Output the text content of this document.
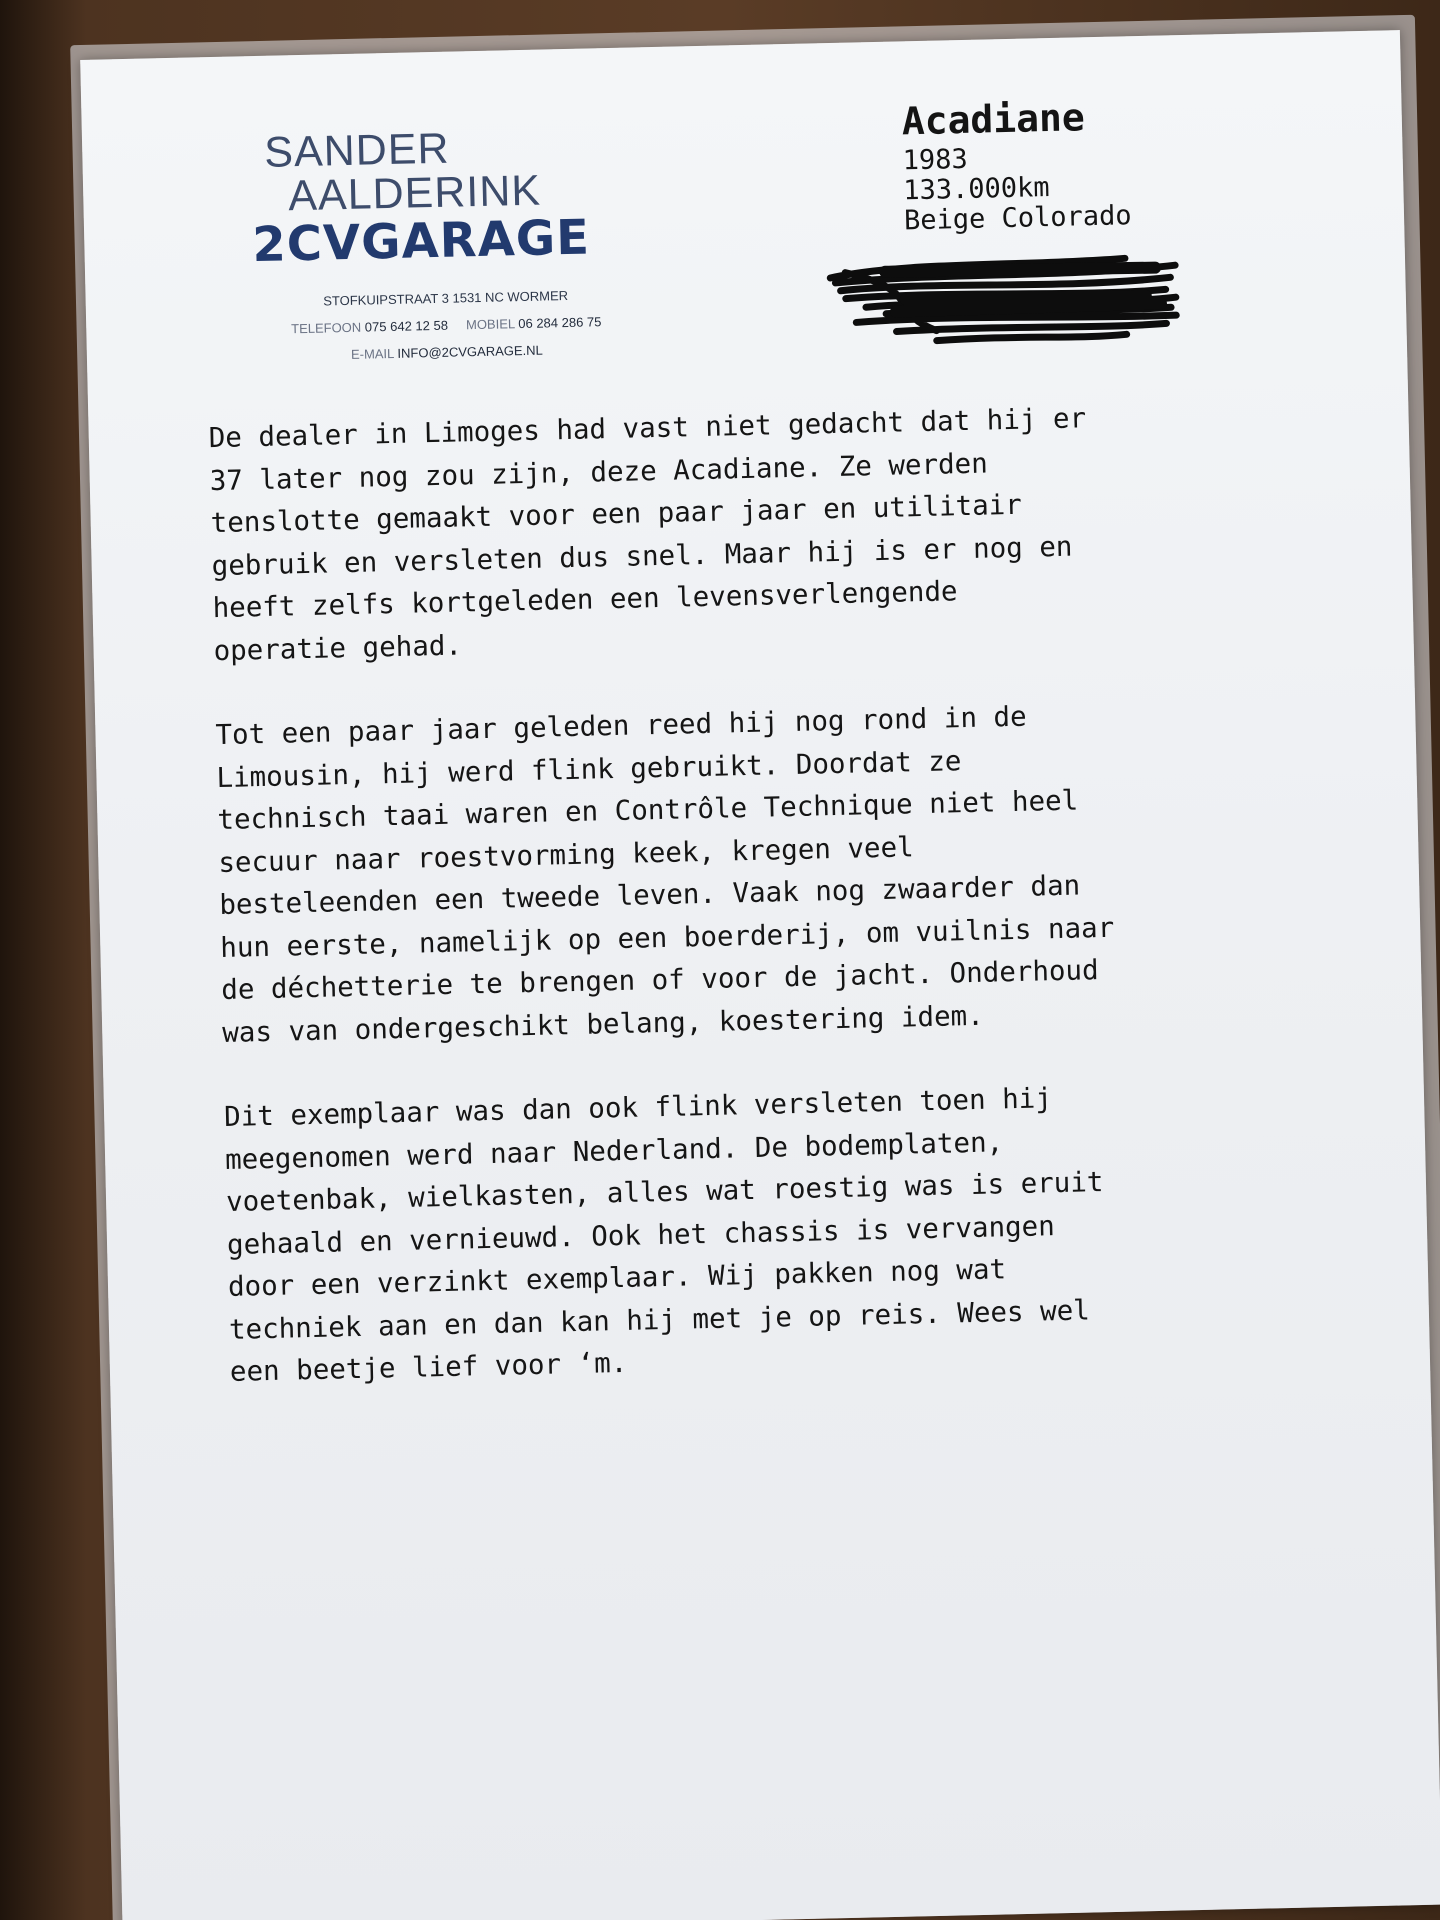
SANDER
AALDERINK
2CVGARAGE
STOFKUIPSTRAAT 3 1531 NC WORMER
TELEFOON 075 642 12 58 MOBIEL 06 284 286 75
E-MAIL INFO@2CVGARAGE.NL
Acadiane
1983
133.000km
Beige Colorado

De dealer in Limoges had vast niet gedacht dat hij er
37 later nog zou zijn, deze Acadiane. Ze werden
tenslotte gemaakt voor een paar jaar en utilitair
gebruik en versleten dus snel. Maar hij is er nog en
heeft zelfs kortgeleden een levensverlengende
operatie gehad.

Tot een paar jaar geleden reed hij nog rond in de
Limousin, hij werd flink gebruikt. Doordat ze
technisch taai waren en Contrôle Technique niet heel
secuur naar roestvorming keek, kregen veel
besteleenden een tweede leven. Vaak nog zwaarder dan
hun eerste, namelijk op een boerderij, om vuilnis naar
de déchetterie te brengen of voor de jacht. Onderhoud
was van ondergeschikt belang, koestering idem.

Dit exemplaar was dan ook flink versleten toen hij
meegenomen werd naar Nederland. De bodemplaten,
voetenbak, wielkasten, alles wat roestig was is eruit
gehaald en vernieuwd. Ook het chassis is vervangen
door een verzinkt exemplaar. Wij pakken nog wat
techniek aan en dan kan hij met je op reis. Wees wel
een beetje lief voor ‘m.
